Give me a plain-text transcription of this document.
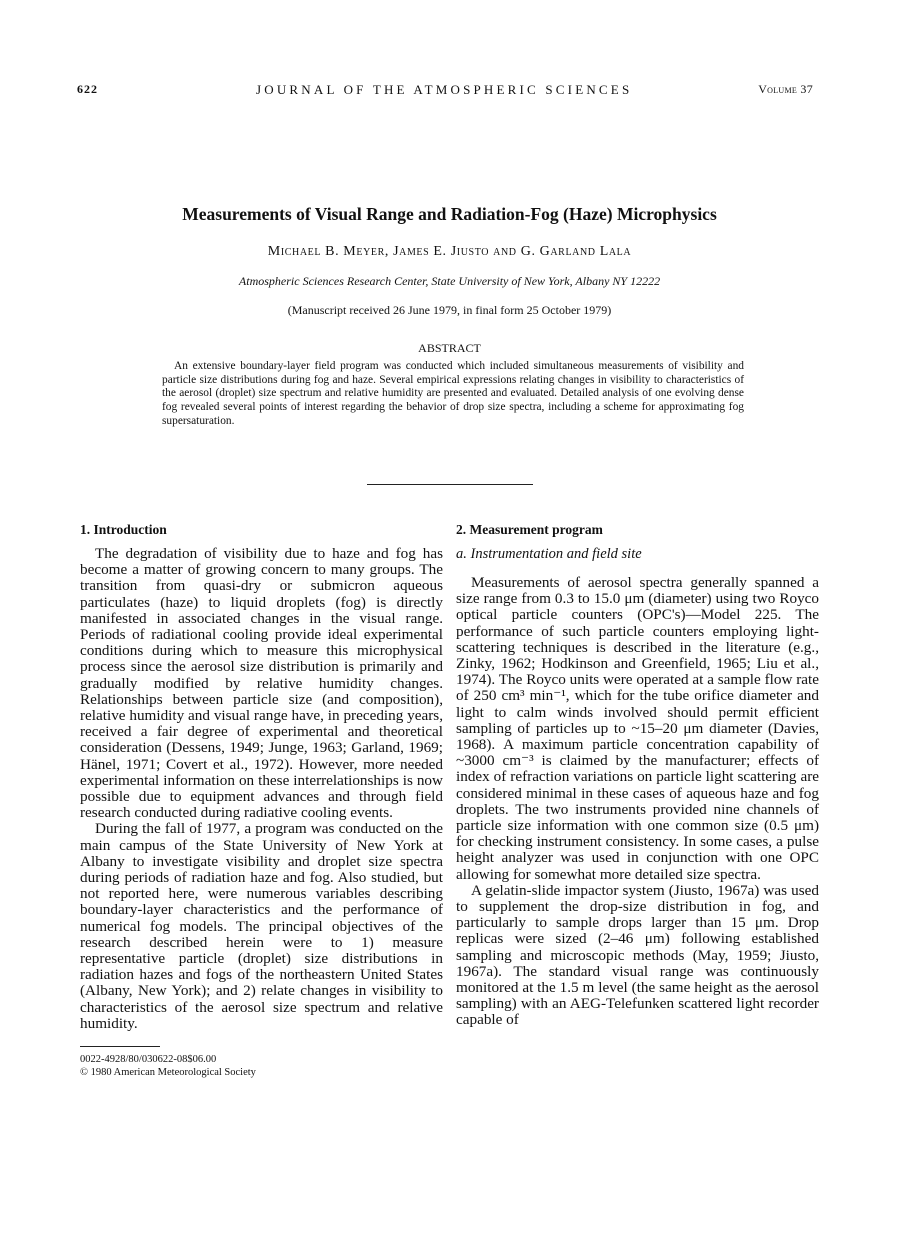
622	JOURNAL OF THE ATMOSPHERIC SCIENCES	Volume 37
Measurements of Visual Range and Radiation-Fog (Haze) Microphysics
Michael B. Meyer, James E. Jiusto and G. Garland Lala
Atmospheric Sciences Research Center, State University of New York, Albany NY 12222
(Manuscript received 26 June 1979, in final form 25 October 1979)
ABSTRACT
An extensive boundary-layer field program was conducted which included simultaneous measurements of visibility and particle size distributions during fog and haze. Several empirical expressions relating changes in visibility to characteristics of the aerosol (droplet) size spectrum and relative humidity are presented and evaluated. Detailed analysis of one evolving dense fog revealed several points of interest regarding the behavior of drop size spectra, including a scheme for approximating fog supersaturation.
1. Introduction

The degradation of visibility due to haze and fog has become a matter of growing concern to many groups. The transition from quasi-dry or submicron aqueous particulates (haze) to liquid droplets (fog) is directly manifested in associated changes in the visual range. Periods of radiational cooling provide ideal experimental conditions during which to measure this microphysical process since the aerosol size distribution is primarily and gradually modified by relative humidity changes. Relationships between particle size (and composition), relative humidity and visual range have, in preceding years, received a fair degree of experimental and theoretical consideration (Dessens, 1949; Junge, 1963; Garland, 1969; Hänel, 1971; Covert et al., 1972). However, more needed experimental information on these interrelationships is now possible due to equipment advances and through field research conducted during radiative cooling events.

During the fall of 1977, a program was conducted on the main campus of the State University of New York at Albany to investigate visibility and droplet size spectra during periods of radiation haze and fog. Also studied, but not reported here, were numerous variables describing boundary-layer characteristics and the performance of numerical fog models. The principal objectives of the research described herein were to 1) measure representative particle (droplet) size distributions in radiation hazes and fogs of the northeastern United States (Albany, New York); and 2) relate changes in visibility to characteristics of the aerosol size spectrum and relative humidity.

0022-4928/80/030622-08$06.00
© 1980 American Meteorological Society
2. Measurement program
a. Instrumentation and field site

Measurements of aerosol spectra generally spanned a size range from 0.3 to 15.0 μm (diameter) using two Royco optical particle counters (OPC's)—Model 225. The performance of such particle counters employing light-scattering techniques is described in the literature (e.g., Zinky, 1962; Hodkinson and Greenfield, 1965; Liu et al., 1974). The Royco units were operated at a sample flow rate of 250 cm³ min⁻¹, which for the tube orifice diameter and light to calm winds involved should permit efficient sampling of particles up to ~15–20 μm diameter (Davies, 1968). A maximum particle concentration capability of ~3000 cm⁻³ is claimed by the manufacturer; effects of index of refraction variations on particle light scattering are considered minimal in these cases of aqueous haze and fog droplets. The two instruments provided nine channels of particle size information with one common size (0.5 μm) for checking instrument consistency. In some cases, a pulse height analyzer was used in conjunction with one OPC allowing for somewhat more detailed size spectra.

A gelatin-slide impactor system (Jiusto, 1967a) was used to supplement the drop-size distribution in fog, and particularly to sample drops larger than 15 μm. Drop replicas were sized (2–46 μm) following established sampling and microscopic methods (May, 1959; Jiusto, 1967a). The standard visual range was continuously monitored at the 1.5 m level (the same height as the aerosol sampling) with an AEG-Telefunken scattered light recorder capable of
